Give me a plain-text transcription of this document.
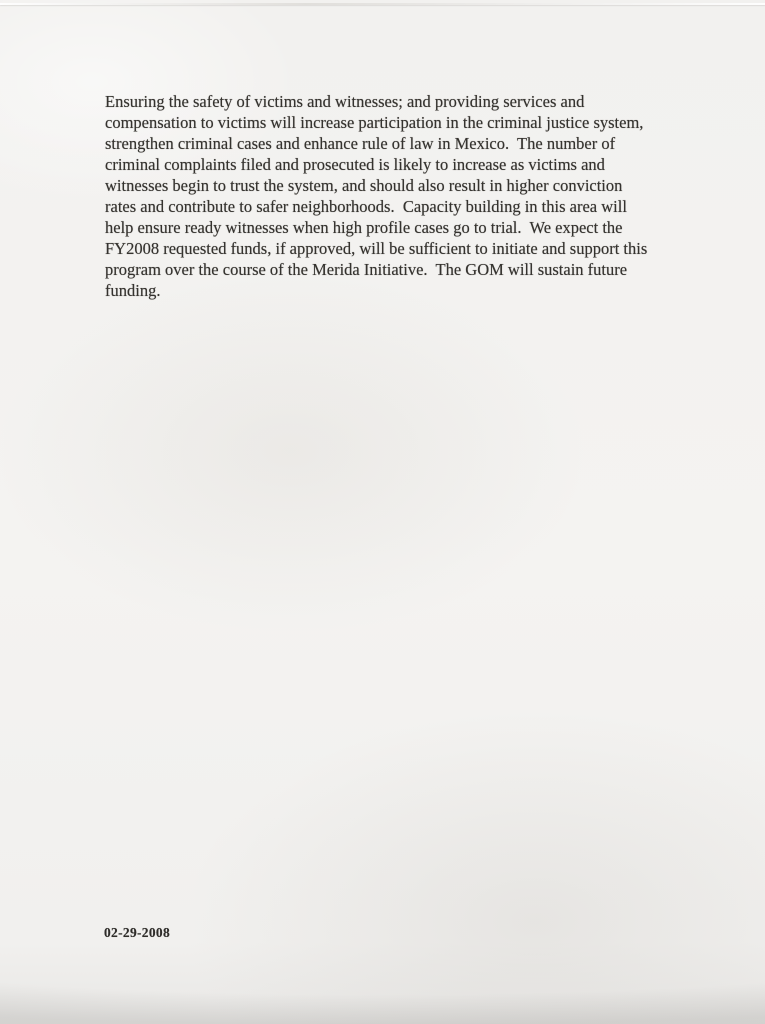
Ensuring the safety of victims and witnesses; and providing services and
compensation to victims will increase participation in the criminal justice system,
strengthen criminal cases and enhance rule of law in Mexico.  The number of
criminal complaints filed and prosecuted is likely to increase as victims and
witnesses begin to trust the system, and should also result in higher conviction
rates and contribute to safer neighborhoods.  Capacity building in this area will
help ensure ready witnesses when high profile cases go to trial.  We expect the
FY2008 requested funds, if approved, will be sufficient to initiate and support this
program over the course of the Merida Initiative.  The GOM will sustain future
funding.
02-29-2008
